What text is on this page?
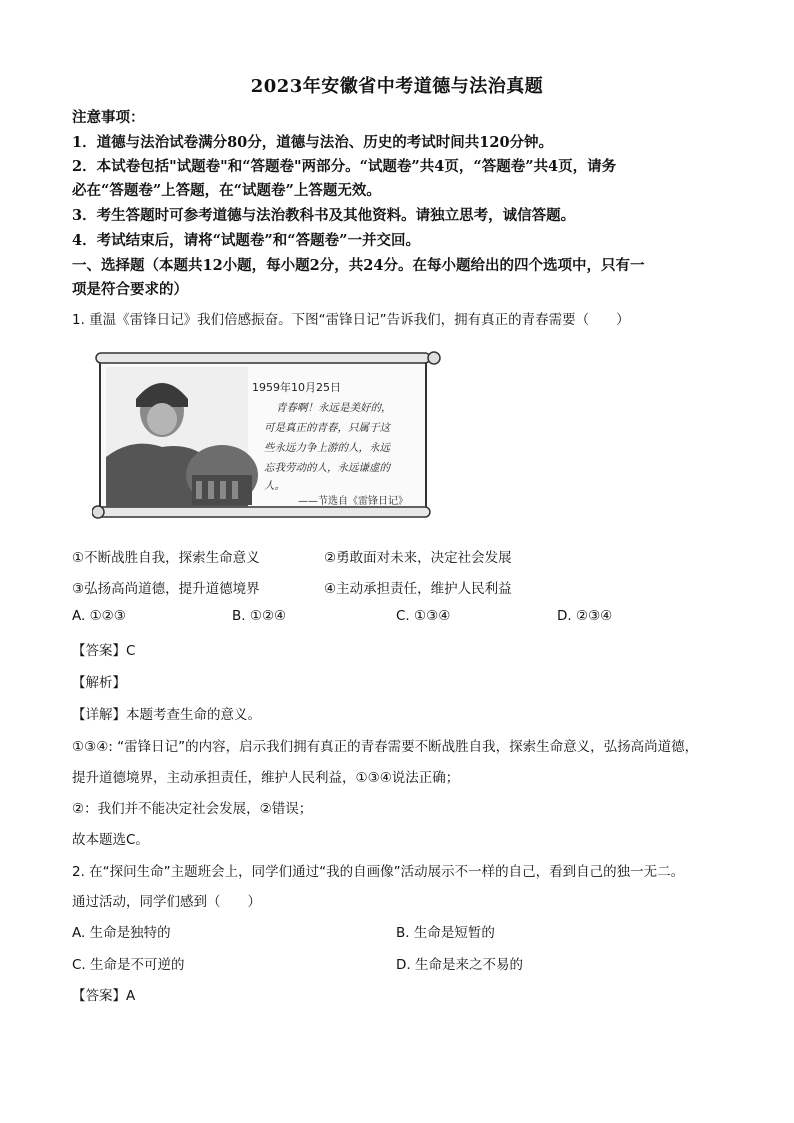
2023年安徽省中考道德与法治真题
注意事项：
1．道德与法治试卷满分80分，道德与法治、历史的考试时间共120分钟。
2．本试卷包括"试题卷"和“答题卷"两部分。“试题卷”共4页，“答题卷”共4页，请务
必在“答题卷”上答题，在“试题卷”上答题无效。
3．考生答题时可参考道德与法治教科书及其他资料。请独立思考，诚信答题。
4．考试结束后，请将“试题卷”和“答题卷”一并交回。
一、选择题（本题共12小题，每小题2分，共24分。在每小题给出的四个选项中，只有一
项是符合要求的）
1. 重温《雷锋日记》我们倍感振奋。下图“雷锋日记”告诉我们，拥有真正的青春需要（　　）
1959年10月25日
青春啊！永远是美好的，
可是真正的青春，只属于这
些永远力争上游的人，永远
忘我劳动的人，永远谦虚的
人。
——节选自《雷锋日记》
①不断战胜自我，探索生命意义	②勇敢面对未来，决定社会发展
③弘扬高尚道德，提升道德境界	④主动承担责任，维护人民利益
A. ①②③	B. ①②④	C. ①③④	D. ②③④
【答案】C
【解析】
【详解】本题考查生命的意义。
①③④: “雷锋日记”的内容，启示我们拥有真正的青春需要不断战胜自我，探索生命意义，弘扬高尚道德，
提升道德境界，主动承担责任，维护人民利益，①③④说法正确；
②：我们并不能决定社会发展，②错误；
故本题选C。
2. 在“探问生命”主题班会上，同学们通过“我的自画像”活动展示不一样的自己，看到自己的独一无二。
通过活动，同学们感到（　　）
A. 生命是独特的	B. 生命是短暂的
C. 生命是不可逆的	D. 生命是来之不易的
【答案】A
